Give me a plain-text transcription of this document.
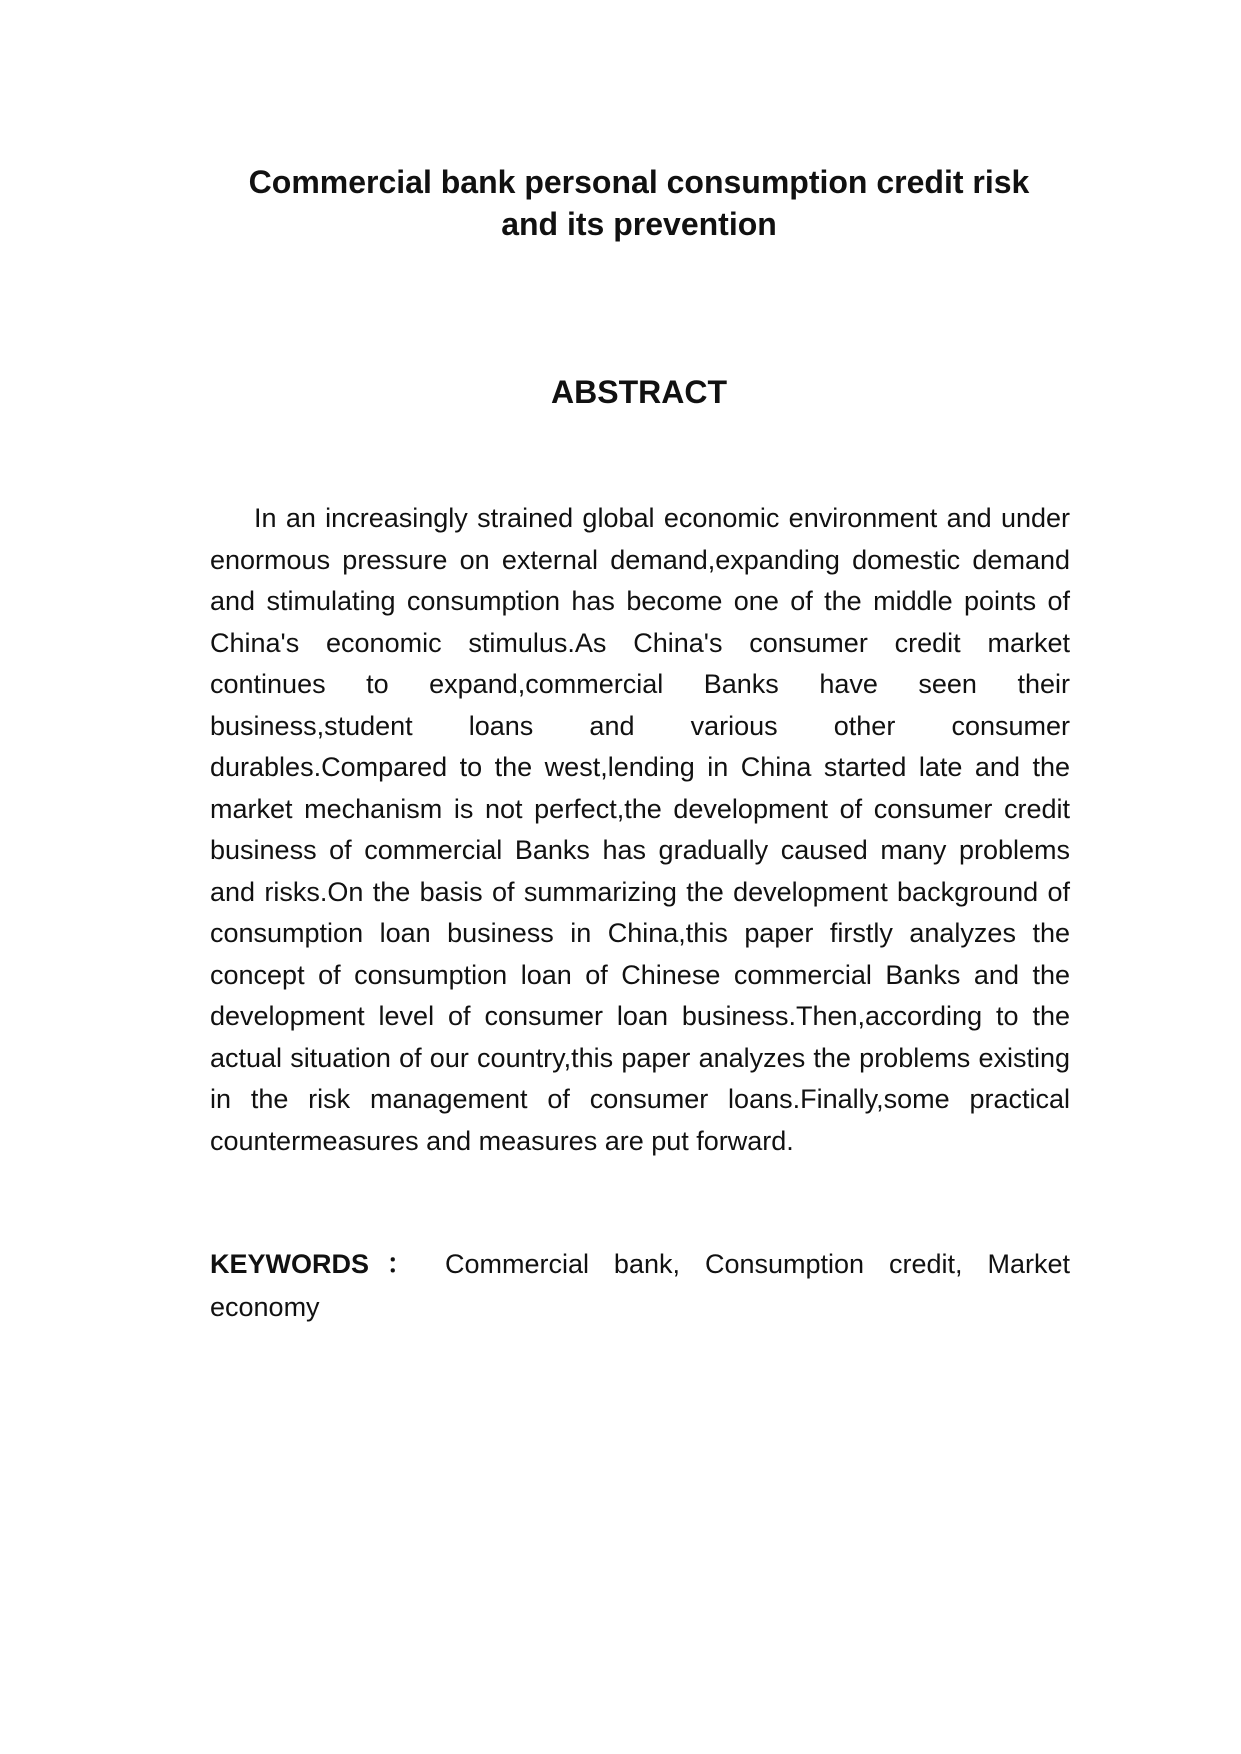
Commercial bank personal consumption credit risk
and its prevention
ABSTRACT

In an increasingly strained global economic environment and under enormous pressure on external demand,expanding domestic demand and stimulating consumption has become one of the middle points of China's economic stimulus.As China's consumer credit market continues to expand,commercial Banks have seen their business,student loans and various other consumer durables.Compared to the west,lending in China started late and the market mechanism is not perfect,the development of consumer credit business of commercial Banks has gradually caused many problems and risks.On the basis of summarizing the development background of consumption loan business in China,this paper firstly analyzes the concept of consumption loan of Chinese commercial Banks and the development level of consumer loan business.Then,according to the actual situation of our country,this paper analyzes the problems existing in the risk management of consumer loans.Finally,some practical countermeasures and measures are put forward.

KEYWORDS： Commercial bank, Consumption credit, Market economy
